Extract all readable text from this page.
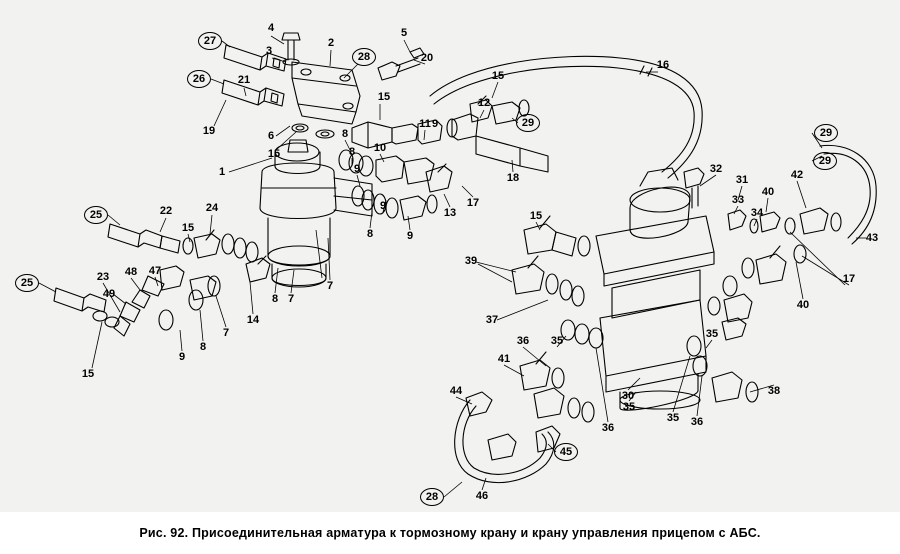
27
4
3
2
28
5
20
16
26	21	15
15	12
19	6
29
11 9
8	29
15	10
8
29
1	18
9
17
32
31	42
33
40
34
25	22	24
15
15
43
9
13
8	9
39
25	23 48 47
7
8 7
49
40
17
14
7
8
9
37
35
36
35
15
41
30
35
35
36	36
38
44
45
28	46
Рис. 92. Присоединительная арматура к тормозному крану и крану управления прицепом с АБС.
